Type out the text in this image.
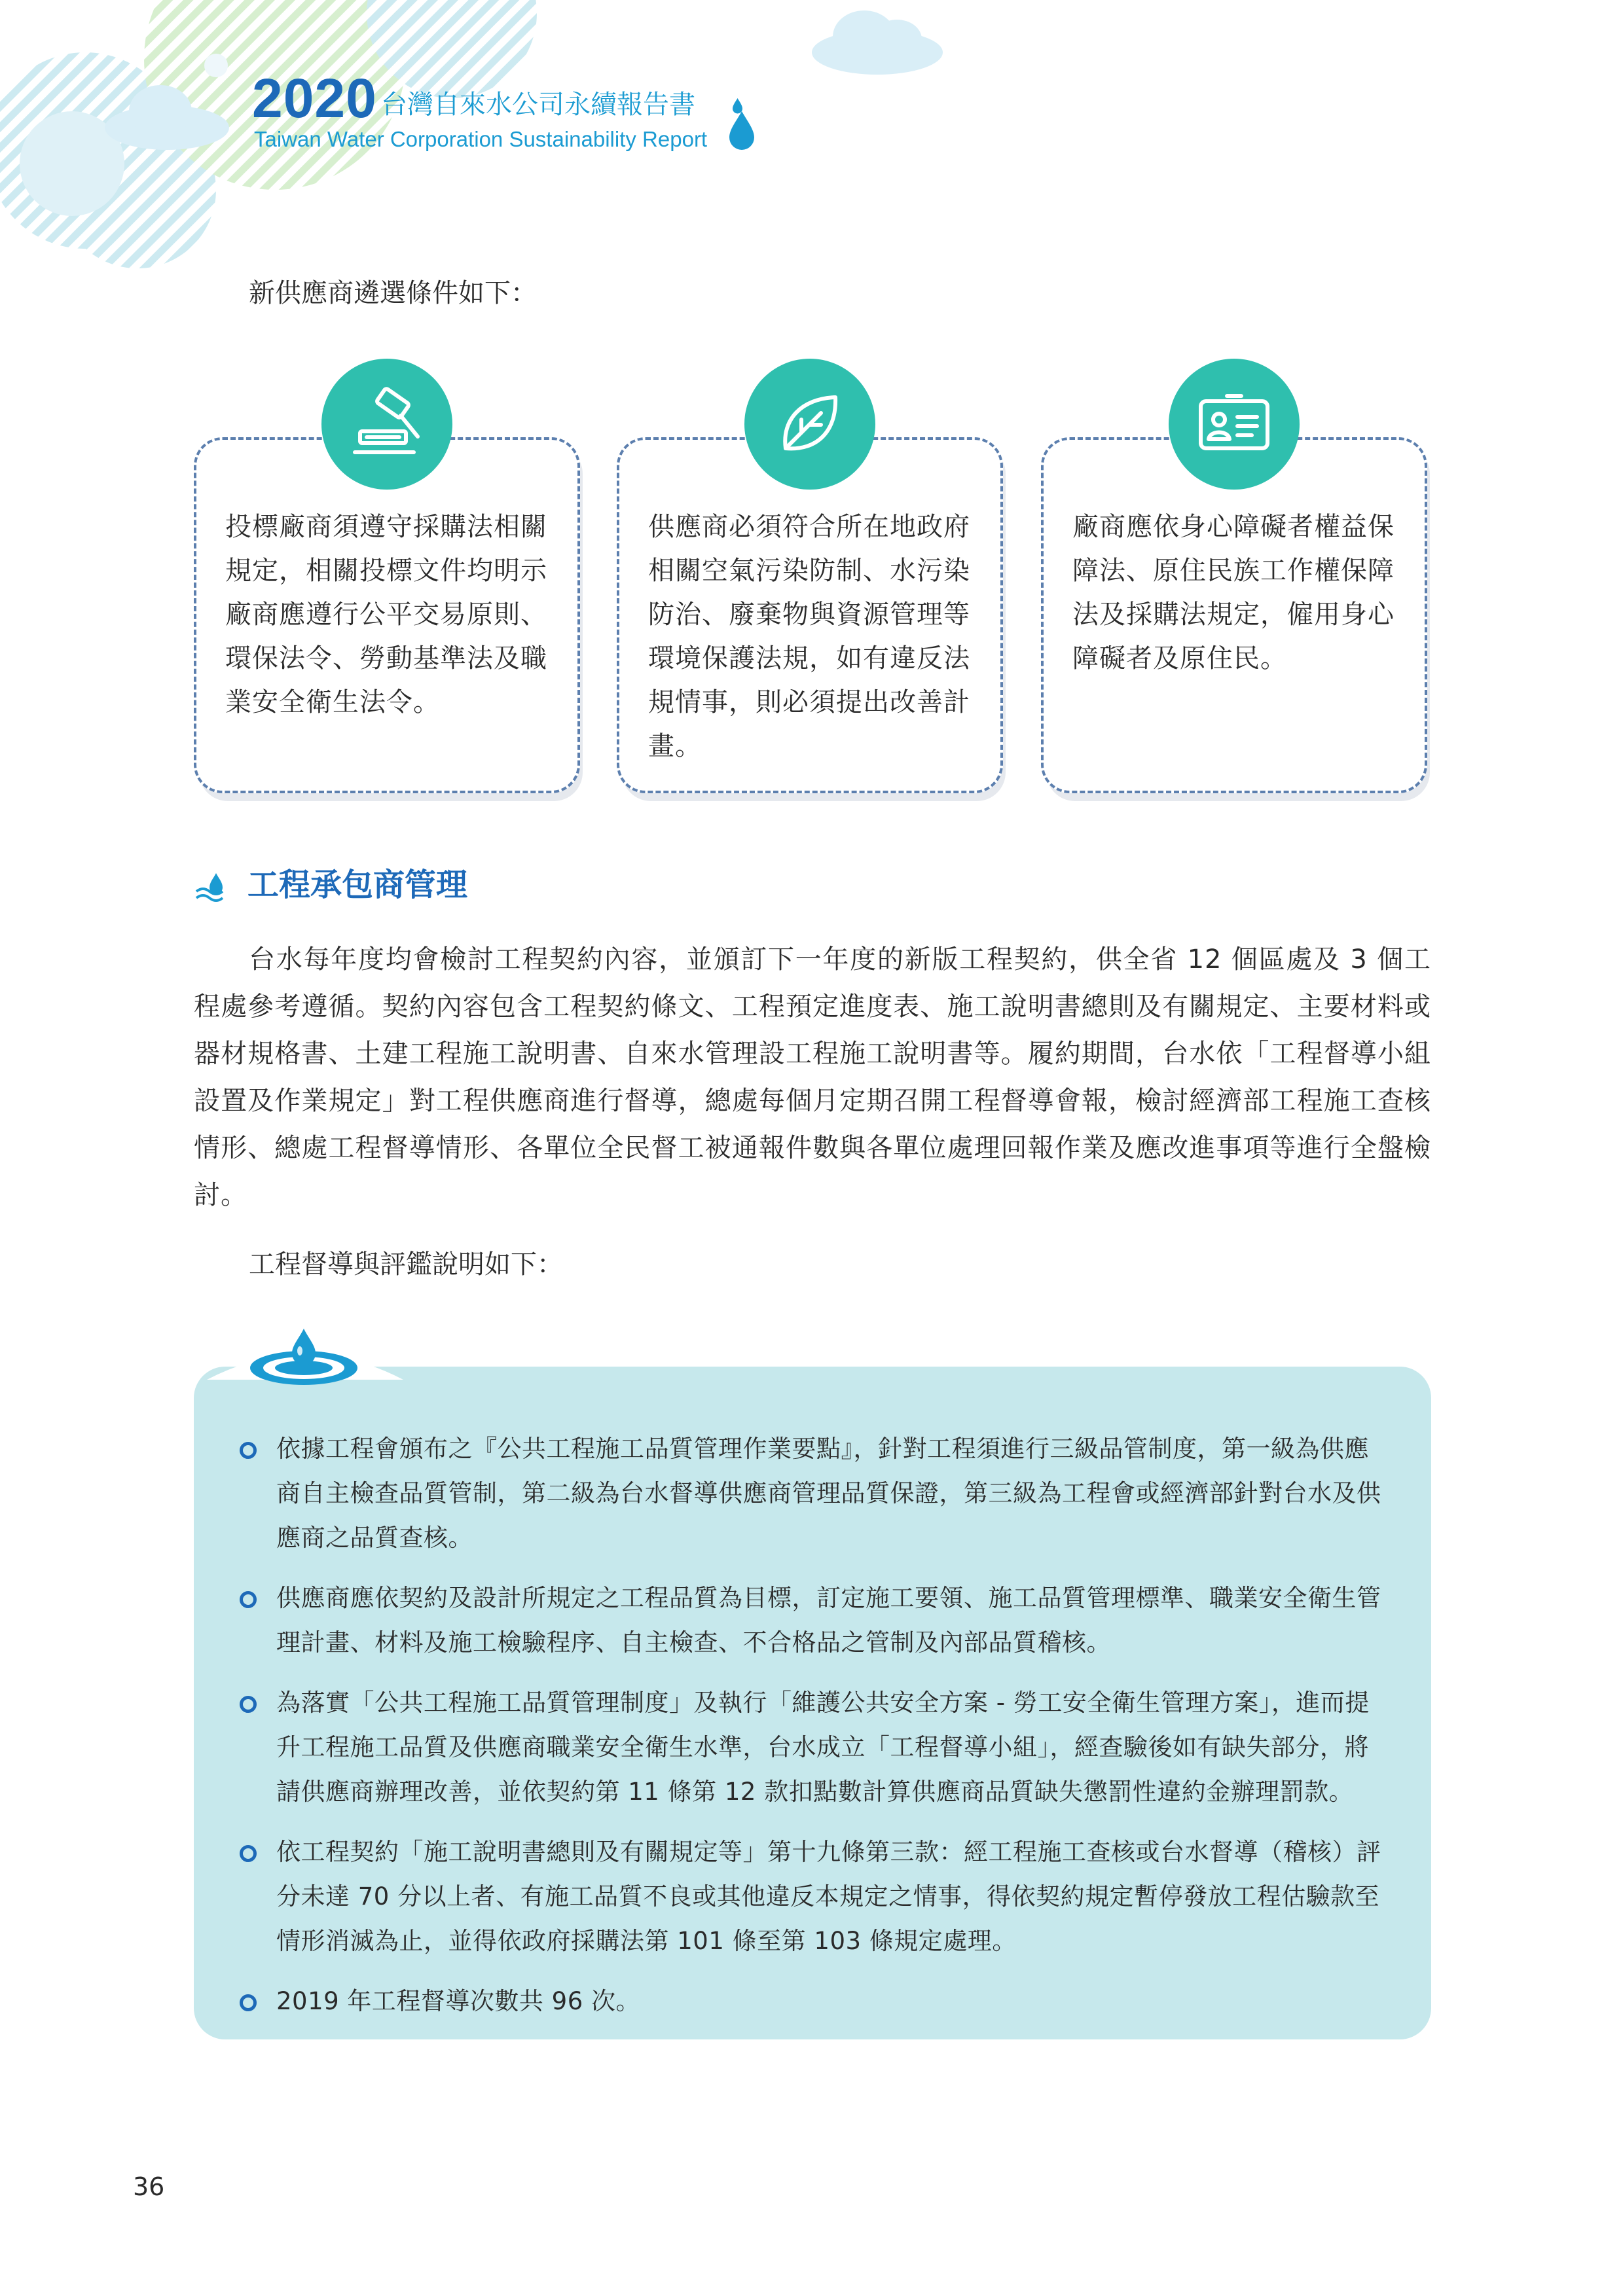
2020 台灣自來水公司永續報告書
Taiwan Water Corporation Sustainability Report
新供應商遴選條件如下：
投標廠商須遵守採購法相關
規定，相關投標文件均明示
廠商應遵行公平交易原則、
環保法令、勞動基準法及職
業安全衛生法令。
供應商必須符合所在地政府
相關空氣污染防制、水污染
防治、廢棄物與資源管理等
環境保護法規，如有違反法
規情事，則必須提出改善計
畫。
廠商應依身心障礙者權益保
障法、原住民族工作權保障
法及採購法規定，僱用身心
障礙者及原住民。
工程承包商管理
台水每年度均會檢討工程契約內容，並頒訂下一年度的新版工程契約，供全省 12 個區處及 3 個工程處參考遵循。契約內容包含工程契約條文、工程預定進度表、施工說明書總則及有關規定、主要材料或器材規格書、土建工程施工說明書、自來水管理設工程施工說明書等。履約期間，台水依「工程督導小組設置及作業規定」對工程供應商進行督導，總處每個月定期召開工程督導會報，檢討經濟部工程施工查核情形、總處工程督導情形、各單位全民督工被通報件數與各單位處理回報作業及應改進事項等進行全盤檢討。
工程督導與評鑑說明如下：
依據工程會頒布之『公共工程施工品質管理作業要點』，針對工程須進行三級品管制度，第一級為供應商自主檢查品質管制，第二級為台水督導供應商管理品質保證，第三級為工程會或經濟部針對台水及供應商之品質查核。
供應商應依契約及設計所規定之工程品質為目標，訂定施工要領、施工品質管理標準、職業安全衛生管理計畫、材料及施工檢驗程序、自主檢查、不合格品之管制及內部品質稽核。
為落實「公共工程施工品質管理制度」及執行「維護公共安全方案 - 勞工安全衛生管理方案」，進而提升工程施工品質及供應商職業安全衛生水準，台水成立「工程督導小組」，經查驗後如有缺失部分，將請供應商辦理改善，並依契約第 11 條第 12 款扣點數計算供應商品質缺失懲罰性違約金辦理罰款。
依工程契約「施工說明書總則及有關規定等」第十九條第三款：經工程施工查核或台水督導（稽核）評分未達 70 分以上者、有施工品質不良或其他違反本規定之情事，得依契約規定暫停發放工程估驗款至情形消滅為止，並得依政府採購法第 101 條至第 103 條規定處理。
2019 年工程督導次數共 96 次。
36
